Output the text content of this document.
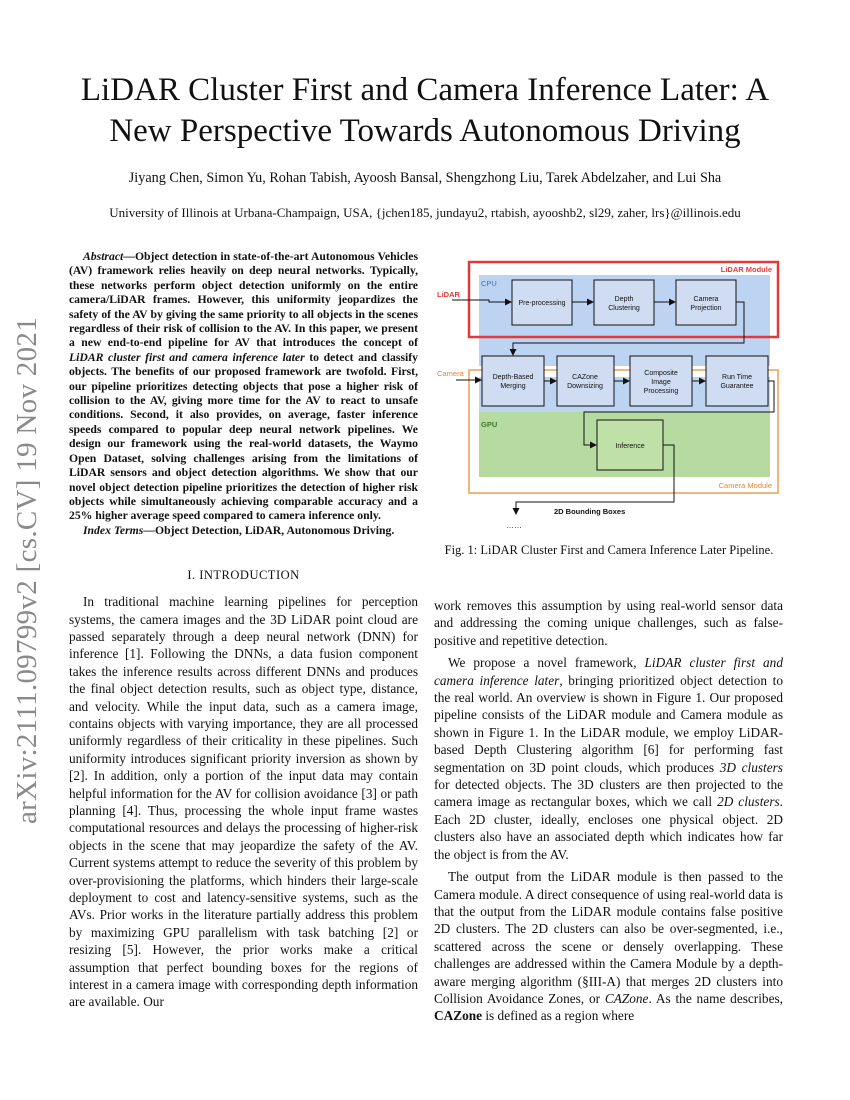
arXiv:2111.09799v2 [cs.CV] 19 Nov 2021
LiDAR Cluster First and Camera Inference Later: A New Perspective Towards Autonomous Driving

Jiyang Chen, Simon Yu, Rohan Tabish, Ayoosh Bansal, Shengzhong Liu, Tarek Abdelzaher, and Lui Sha

University of Illinois at Urbana-Champaign, USA, {jchen185, jundayu2, rtabish, ayooshb2, sl29, zaher, lrs}@illinois.edu

Abstract—Object detection in state-of-the-art Autonomous Vehicles (AV) framework relies heavily on deep neural networks. Typically, these networks perform object detection uniformly on the entire camera/LiDAR frames. However, this uniformity jeopardizes the safety of the AV by giving the same priority to all objects in the scenes regardless of their risk of collision to the AV. In this paper, we present a new end-to-end pipeline for AV that introduces the concept of LiDAR cluster first and camera inference later to detect and classify objects. The benefits of our proposed framework are twofold. First, our pipeline prioritizes detecting objects that pose a higher risk of collision to the AV, giving more time for the AV to react to unsafe conditions. Second, it also provides, on average, faster inference speeds compared to popular deep neural network pipelines. We design our framework using the real-world datasets, the Waymo Open Dataset, solving challenges arising from the limitations of LiDAR sensors and object detection algorithms. We show that our novel object detection pipeline prioritizes the detection of higher risk objects while simultaneously achieving comparable accuracy and a 25% higher average speed compared to camera inference only.

Index Terms—Object Detection, LiDAR, Autonomous Driving.

I. INTRODUCTION

In traditional machine learning pipelines for perception systems, the camera images and the 3D LiDAR point cloud are passed separately through a deep neural network (DNN) for inference [1]. Following the DNNs, a data fusion component takes the inference results across different DNNs and produces the final object detection results, such as object type, distance, and velocity. While the input data, such as a camera image, contains objects with varying importance, they are all processed uniformly regardless of their criticality in these pipelines. Such uniformity introduces significant priority inversion as shown by [2]. In addition, only a portion of the input data may contain helpful information for the AV for collision avoidance [3] or path planning [4]. Thus, processing the whole input frame wastes computational resources and delays the processing of higher-risk objects in the scene that may jeopardize the safety of the AV. Current systems attempt to reduce the severity of this problem by over-provisioning the platforms, which hinders their large-scale deployment to cost and latency-sensitive systems, such as the AVs. Prior works in the literature partially address this problem by maximizing GPU parallelism with task batching [2] or resizing [5]. However, the prior works make a critical assumption that perfect bounding boxes for the regions of interest in a camera image with corresponding depth information are available. Our

LiDAR Module
Camera Module
CPU
GPU
LiDAR
Camera
Pre-processing
Depth
Clustering
Camera
Projection
Depth-Based
Merging
CAZone
Downsizing
Composite
Image
Processing
Run Time
Guarantee
Inference
2D Bounding Boxes
……

Fig. 1: LiDAR Cluster First and Camera Inference Later Pipeline.

work removes this assumption by using real-world sensor data and addressing the coming unique challenges, such as false-positive and repetitive detection.

We propose a novel framework, LiDAR cluster first and camera inference later, bringing prioritized object detection to the real world. An overview is shown in Figure 1. Our proposed pipeline consists of the LiDAR module and Camera module as shown in Figure 1. In the LiDAR module, we employ LiDAR-based Depth Clustering algorithm [6] for performing fast segmentation on 3D point clouds, which produces 3D clusters for detected objects. The 3D clusters are then projected to the camera image as rectangular boxes, which we call 2D clusters. Each 2D cluster, ideally, encloses one physical object. 2D clusters also have an associated depth which indicates how far the object is from the AV.

The output from the LiDAR module is then passed to the Camera module. A direct consequence of using real-world data is that the output from the LiDAR module contains false positive 2D clusters. The 2D clusters can also be over-segmented, i.e., scattered across the scene or densely overlapping. These challenges are addressed within the Camera Module by a depth-aware merging algorithm (§III-A) that merges 2D clusters into Collision Avoidance Zones, or CAZone. As the name describes, CAZone is defined as a region where
